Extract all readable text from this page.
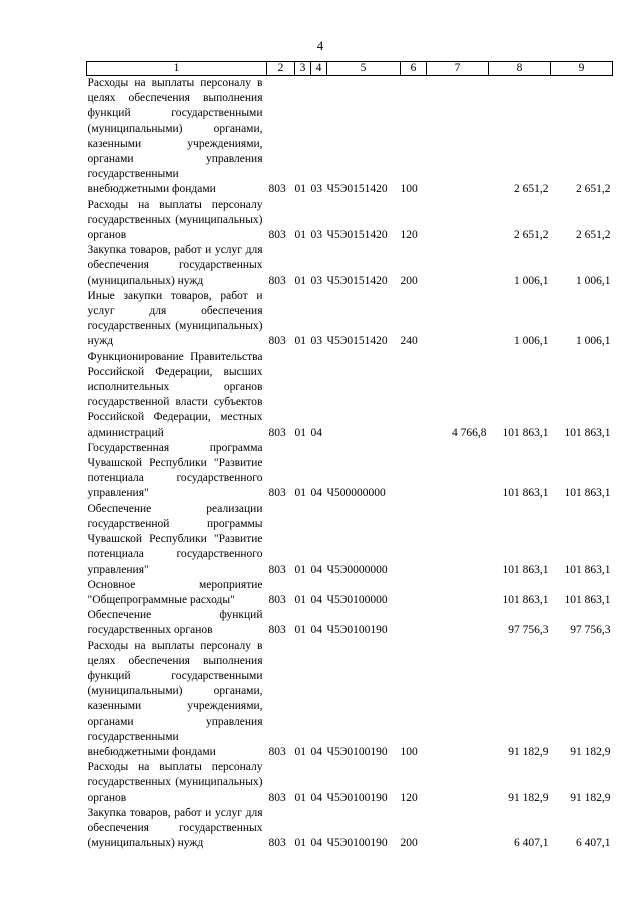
4
1	2	3	4	5	6	7	8	9
Расходы на выплаты персоналу в целях обеспечения выполнения функций государственными (муниципальными) органами, казенными учреждениями, органами управления государственными внебюджетными фондами	803	01	03	Ч5Э0151420	100		2 651,2	2 651,2
Расходы на выплаты персоналу государственных (муниципальных) органов	803	01	03	Ч5Э0151420	120		2 651,2	2 651,2
Закупка товаров, работ и услуг для обеспечения государственных (муниципальных) нужд	803	01	03	Ч5Э0151420	200		1 006,1	1 006,1
Иные закупки товаров, работ и услуг для обеспечения государственных (муниципальных) нужд	803	01	03	Ч5Э0151420	240		1 006,1	1 006,1
Функционирование Правительства Российской Федерации, высших исполнительных органов государственной власти субъектов Российской Федерации, местных администраций	803	01	04			4 766,8	101 863,1	101 863,1
Государственная программа Чувашской Республики "Развитие потенциала государственного управления"	803	01	04	Ч500000000			101 863,1	101 863,1
Обеспечение реализации государственной программы Чувашской Республики "Развитие потенциала государственного управления"	803	01	04	Ч5Э0000000			101 863,1	101 863,1
Основное мероприятие "Общепрограммные расходы"	803	01	04	Ч5Э0100000			101 863,1	101 863,1
Обеспечение функций государственных органов	803	01	04	Ч5Э0100190			97 756,3	97 756,3
Расходы на выплаты персоналу в целях обеспечения выполнения функций государственными (муниципальными) органами, казенными учреждениями, органами управления государственными внебюджетными фондами	803	01	04	Ч5Э0100190	100		91 182,9	91 182,9
Расходы на выплаты персоналу государственных (муниципальных) органов	803	01	04	Ч5Э0100190	120		91 182,9	91 182,9
Закупка товаров, работ и услуг для обеспечения государственных (муниципальных) нужд	803	01	04	Ч5Э0100190	200		6 407,1	6 407,1
